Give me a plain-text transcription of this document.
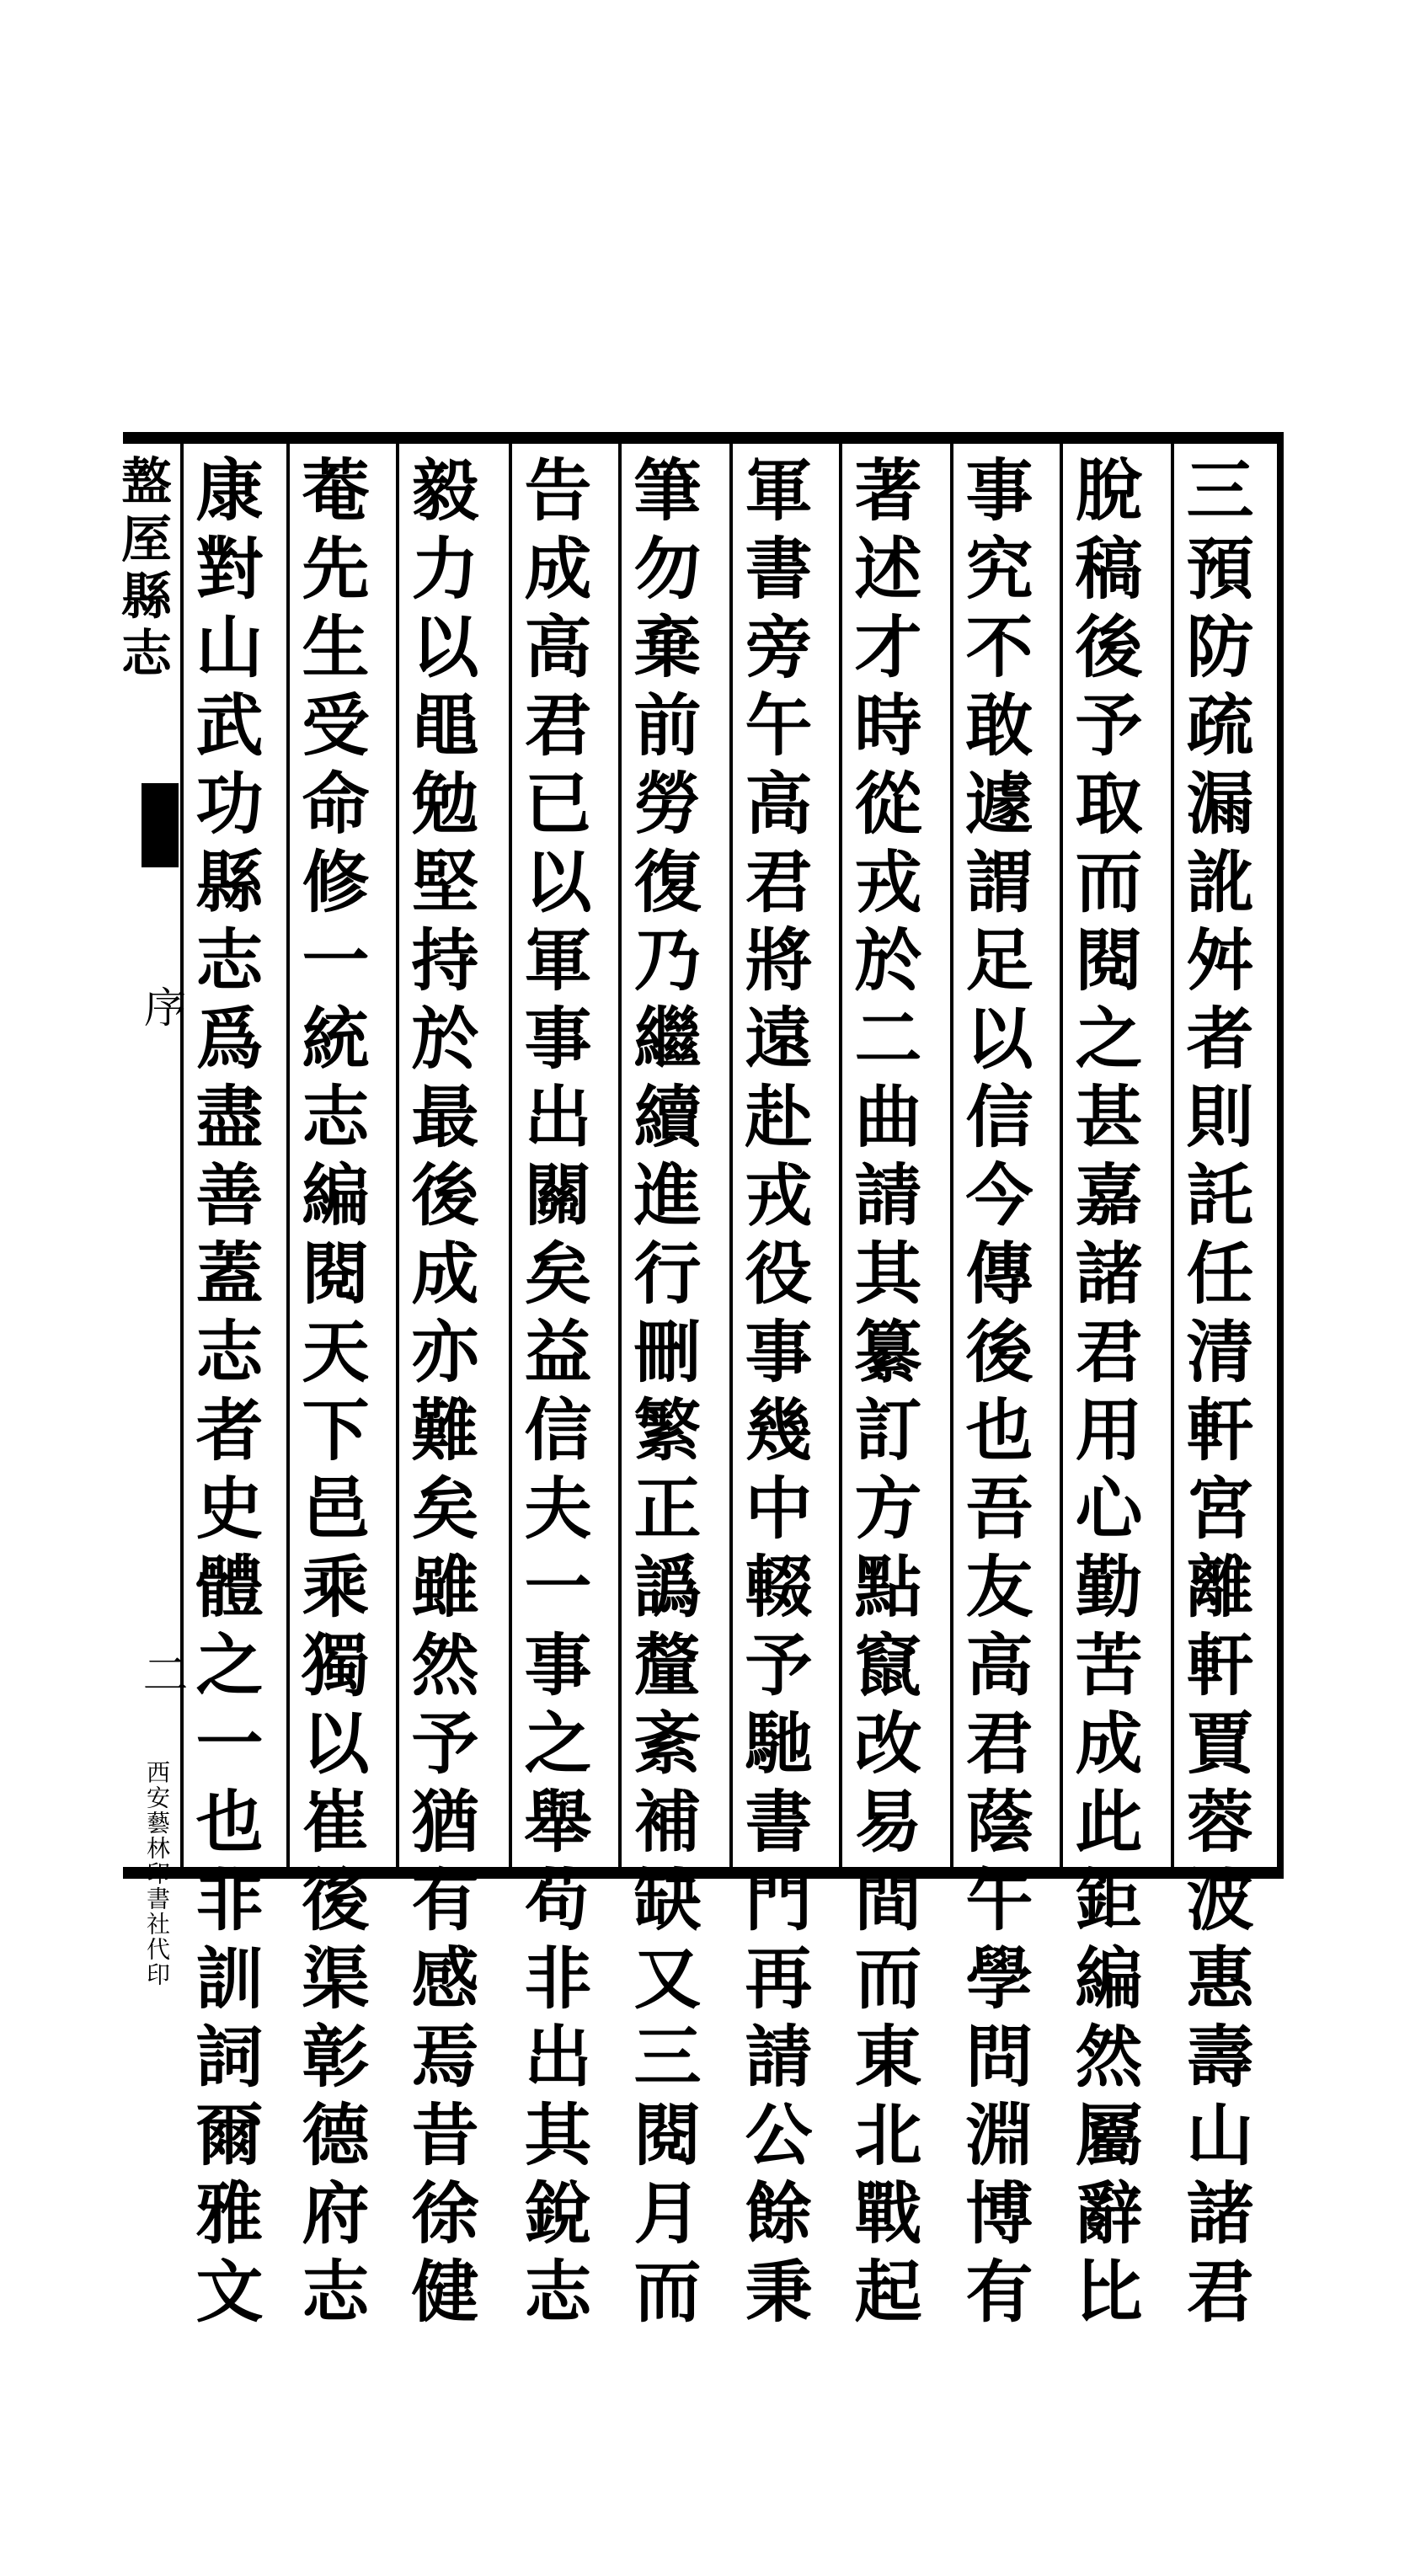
盩厔縣志
序
二
西安藝林印書社代印	三預防疏漏訛舛者則託任清軒宮離軒賈蓉波惠壽山諸君
脫稿後予取而閱之甚嘉諸君用心勤苦成此鉅編然屬辭比
事究不敢遽謂足以信今傳後也吾友高君蔭午學問淵博有
著述才時從戎於二曲請其纂訂方點竄改易間而東北戰起
軍書旁午高君將遠赴戎役事幾中輟予馳書門再請公餘秉
筆勿棄前勞復乃繼續進行刪繁正譌釐紊補缺又三閱月而
告成高君已以軍事出關矣益信夫一事之舉苟非出其銳志
毅力以黽勉堅持於最後成亦難矣雖然予猶有感焉昔徐健
菴先生受命修一統志編閱天下邑乘獨以崔後渠彰德府志
康對山武功縣志爲盡善蓋志者史體之一也非訓詞爾雅文
